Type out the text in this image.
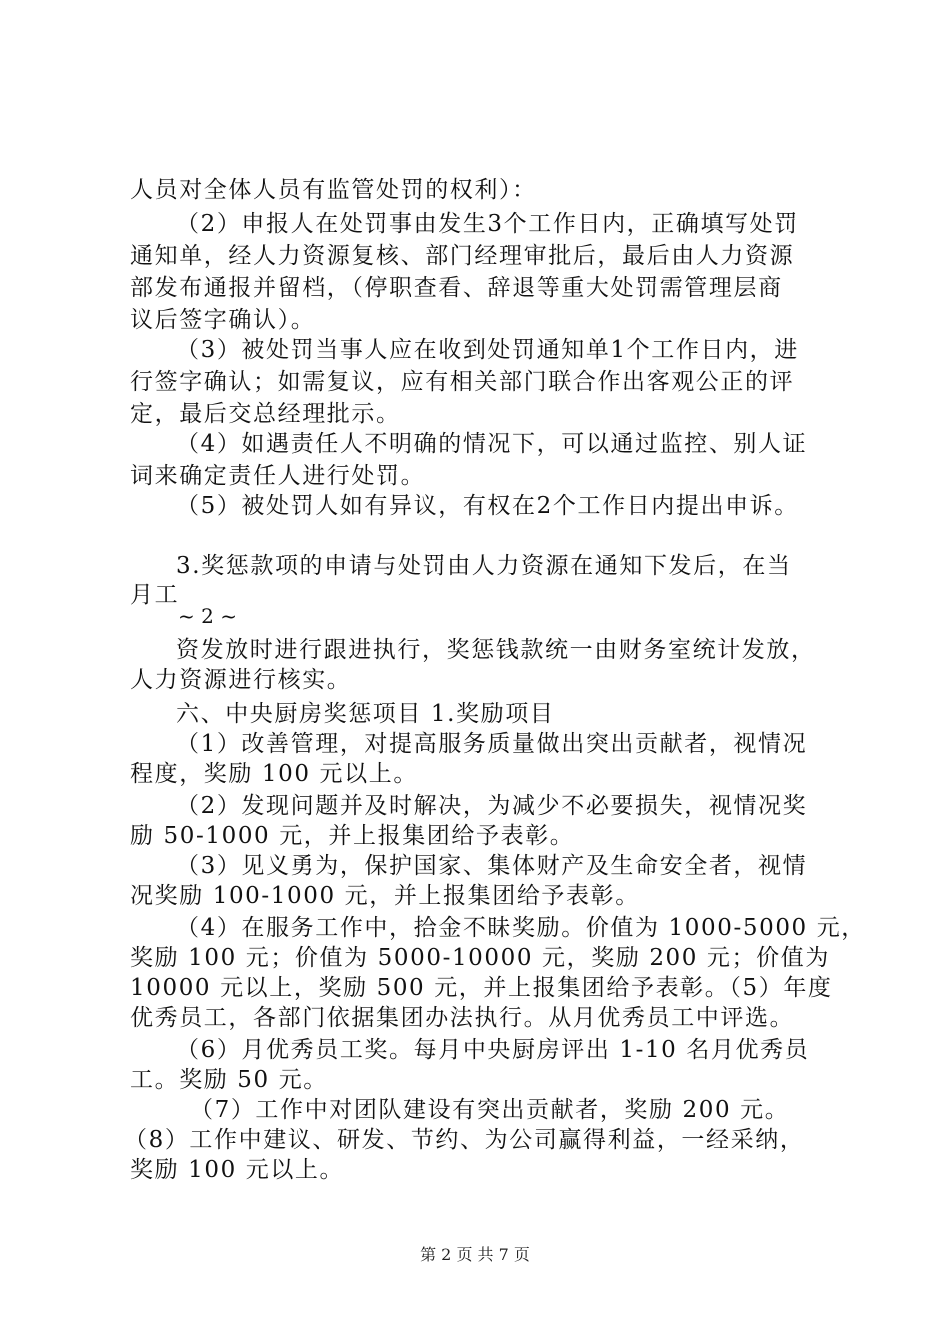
人员对全体人员有监管处罚的权利）：
（2）申报人在处罚事由发生3个工作日内，正确填写处罚
通知单，经人力资源复核、部门经理审批后，最后由人力资源
部发布通报并留档，（停职查看、辞退等重大处罚需管理层商
议后签字确认）。
（3）被处罚当事人应在收到处罚通知单1个工作日内，进
行签字确认；如需复议，应有相关部门联合作出客观公正的评
定，最后交总经理批示。
（4）如遇责任人不明确的情况下，可以通过监控、别人证
词来确定责任人进行处罚。
（5）被处罚人如有异议，有权在2个工作日内提出申诉。
3.奖惩款项的申请与处罚由人力资源在通知下发后，在当
月工
~ 2 ~
资发放时进行跟进执行，奖惩钱款统一由财务室统计发放，
人力资源进行核实。
六、中央厨房奖惩项目 1.奖励项目
（1）改善管理，对提高服务质量做出突出贡献者，视情况
程度，奖励 100 元以上。
（2）发现问题并及时解决，为减少不必要损失，视情况奖
励 50-1000 元，并上报集团给予表彰。
（3）见义勇为，保护国家、集体财产及生命安全者，视情
况奖励 100-1000 元，并上报集团给予表彰。
（4）在服务工作中，拾金不昧奖励。价值为 1000-5000 元，
奖励 100 元；价值为 5000-10000 元，奖励 200 元；价值为
10000 元以上，奖励 500 元，并上报集团给予表彰。（5）年度
优秀员工，各部门依据集团办法执行。从月优秀员工中评选。
（6）月优秀员工奖。每月中央厨房评出 1-10 名月优秀员
工。奖励 50 元。
（7）工作中对团队建设有突出贡献者，奖励 200 元。
（8）工作中建议、研发、节约、为公司赢得利益，一经采纳，
奖励 100 元以上。
第 2 页 共 7 页
